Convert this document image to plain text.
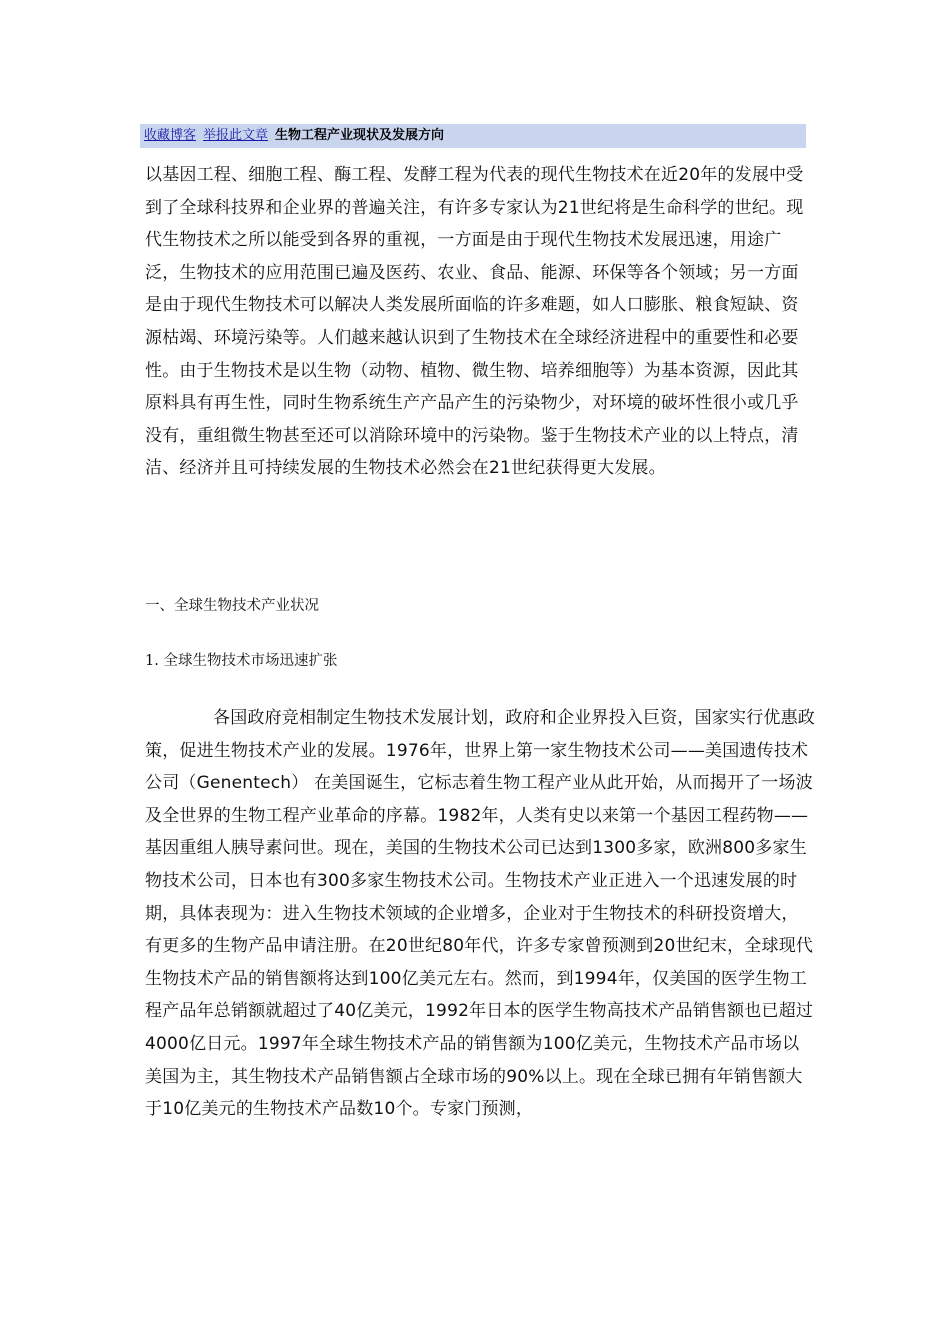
收藏博客 举报此文章 生物工程产业现状及发展方向

以基因工程、细胞工程、酶工程、发酵工程为代表的现代生物技术在近20年的发展中受到了全球科技界和企业界的普遍关注，有许多专家认为21世纪将是生命科学的世纪。现代生物技术之所以能受到各界的重视，一方面是由于现代生物技术发展迅速，用途广泛，生物技术的应用范围已遍及医药、农业、食品、能源、环保等各个领域；另一方面是由于现代生物技术可以解决人类发展所面临的许多难题，如人口膨胀、粮食短缺、资源枯竭、环境污染等。人们越来越认识到了生物技术在全球经济进程中的重要性和必要性。由于生物技术是以生物（动物、植物、微生物、培养细胞等）为基本资源，因此其原料具有再生性，同时生物系统生产产品产生的污染物少，对环境的破坏性很小或几乎没有，重组微生物甚至还可以消除环境中的污染物。鉴于生物技术产业的以上特点，清洁、经济并且可持续发展的生物技术必然会在21世纪获得更大发展。

一、全球生物技术产业状况

1. 全球生物技术市场迅速扩张

各国政府竞相制定生物技术发展计划，政府和企业界投入巨资，国家实行优惠政策，促进生物技术产业的发展。1976年，世界上第一家生物技术公司——美国遗传技术公司（Genentech） 在美国诞生，它标志着生物工程产业从此开始，从而揭开了一场波及全世界的生物工程产业革命的序幕。1982年，人类有史以来第一个基因工程药物——基因重组人胰导素问世。现在，美国的生物技术公司已达到1300多家，欧洲800多家生物技术公司，日本也有300多家生物技术公司。生物技术产业正进入一个迅速发展的时期，具体表现为：进入生物技术领域的企业增多，企业对于生物技术的科研投资增大，有更多的生物产品申请注册。在20世纪80年代，许多专家曾预测到20世纪末，全球现代生物技术产品的销售额将达到100亿美元左右。然而，到1994年，仅美国的医学生物工程产品年总销额就超过了40亿美元，1992年日本的医学生物高技术产品销售额也已超过4000亿日元。1997年全球生物技术产品的销售额为100亿美元，生物技术产品市场以美国为主，其生物技术产品销售额占全球市场的90%以上。现在全球已拥有年销售额大于10亿美元的生物技术产品数10个。专家门预测，
